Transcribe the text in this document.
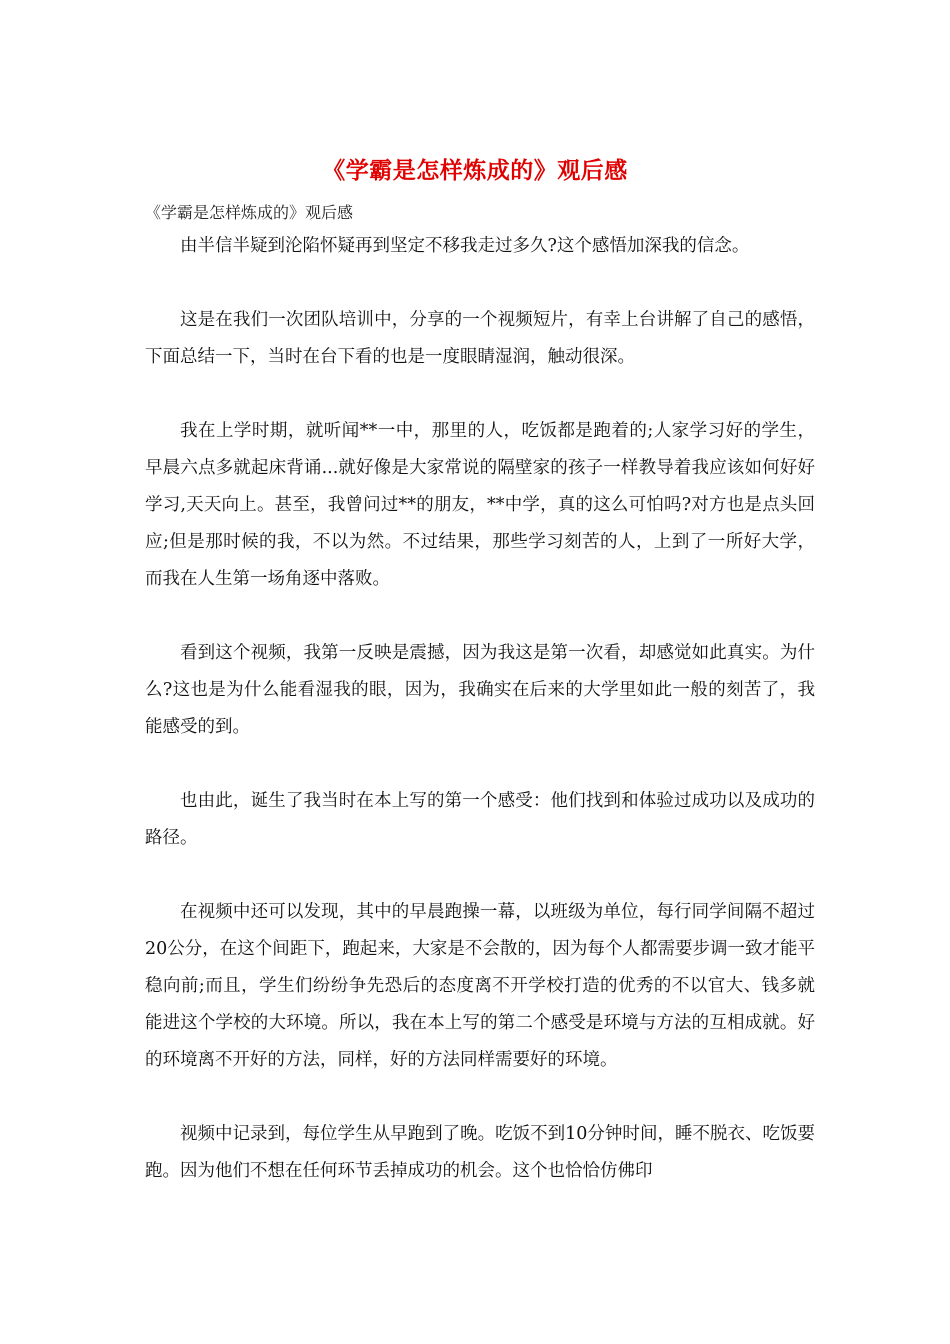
《学霸是怎样炼成的》观后感
《学霸是怎样炼成的》观后感

由半信半疑到沦陷怀疑再到坚定不移我走过多久?这个感悟加深我的信念。

这是在我们一次团队培训中，分享的一个视频短片，有幸上台讲解了自己的感悟，下面总结一下，当时在台下看的也是一度眼睛湿润，触动很深。

我在上学时期，就听闻**一中，那里的人，吃饭都是跑着的;人家学习好的学生，早晨六点多就起床背诵...就好像是大家常说的隔壁家的孩子一样教导着我应该如何好好学习,天天向上。甚至，我曾问过**的朋友，**中学，真的这么可怕吗?对方也是点头回应;但是那时候的我，不以为然。不过结果，那些学习刻苦的人，上到了一所好大学，而我在人生第一场角逐中落败。

看到这个视频，我第一反映是震撼，因为我这是第一次看，却感觉如此真实。为什么?这也是为什么能看湿我的眼，因为，我确实在后来的大学里如此一般的刻苦了，我能感受的到。

也由此，诞生了我当时在本上写的第一个感受：他们找到和体验过成功以及成功的路径。

在视频中还可以发现，其中的早晨跑操一幕，以班级为单位，每行同学间隔不超过20公分，在这个间距下，跑起来，大家是不会散的，因为每个人都需要步调一致才能平稳向前;而且，学生们纷纷争先恐后的态度离不开学校打造的优秀的不以官大、钱多就能进这个学校的大环境。所以，我在本上写的第二个感受是环境与方法的互相成就。好的环境离不开好的方法，同样，好的方法同样需要好的环境。

视频中记录到，每位学生从早跑到了晚。吃饭不到10分钟时间，睡不脱衣、吃饭要跑。因为他们不想在任何环节丢掉成功的机会。这个也恰恰仿佛印
